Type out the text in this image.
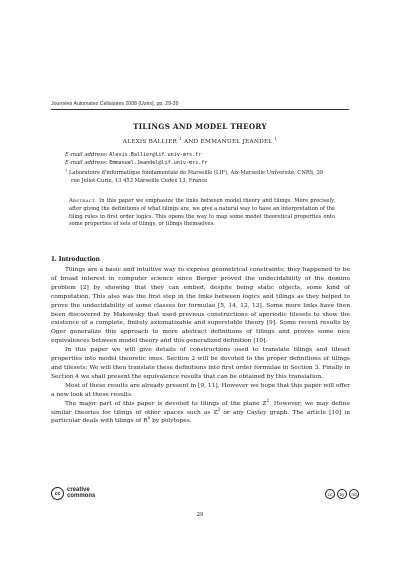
Journées Automates Cellulaires 2008 (Uzès), pp. 29-39
TILINGS AND MODEL THEORY
ALEXIS BALLIER $^1$ AND EMMANUEL JEANDEL $^1$
E-mail address: Alexis.Ballier@lif.univ-mrs.fr
E-mail address: Emmanuel.Jeandel@lif.univ-mrs.fr
$^1$ Laboratoire d'informatique fondamentale de Marseille (LIF), Aix-Marseille Université, CNRS, 39
rue Joliot-Curie, 13 453 Marseille Cedex 13, France
Abstract. In this paper we emphasize the links between model theory and tilings. More precisely, after giving the definitions of what tilings are, we give a natural way to have an interpretation of the tiling rules in first order logics. This opens the way to map some model theoretical properties onto some properties of sets of tilings, or tilings themselves.
1. Introduction

Tilings are a basic and intuitive way to express geometrical constraints; they happened to be of broad interest in computer science since Berger proved the undecidability of the domino problem [2] by showing that they can embed, despite being static objects, some kind of computation. This also was the first step in the links between logics and tilings as they helped to prove the undecidability of some classes for formulae [5, 14, 12, 13]. Some more links have then been discovered by Makowsky that used previous constructions of aperiodic tilesets to show the existence of a complete, finitely axiomatizable and superstable theory [9]. Some recent results by Oger generalize this approach to more abstract definitions of tilings and proves some nice equivalences between model theory and this generalized definition [10].

In this paper we will give details of constructions used to translate tilings and tileset properties into model theoretic ones. Section 2 will be devoted to the proper definitions of tilings and tilesets; We will then translate these definitions into first order formulae in Section 3. Finally in Section 4 we shall present the equivalence results that can be obtained by this translation.

Most of these results are already present in [9, 11]. However we hope that this paper will offer a new look at these results.

The major part of this paper is devoted to tilings of the plane $Z^2$. However, we may define similar theories for tilings of other spaces such as $Z^3$ or any Cayley graph. The article [10] in particular deals with tilings of $R^n$ by polytopes.

cc
creative
commons	cc	by	nd
29
